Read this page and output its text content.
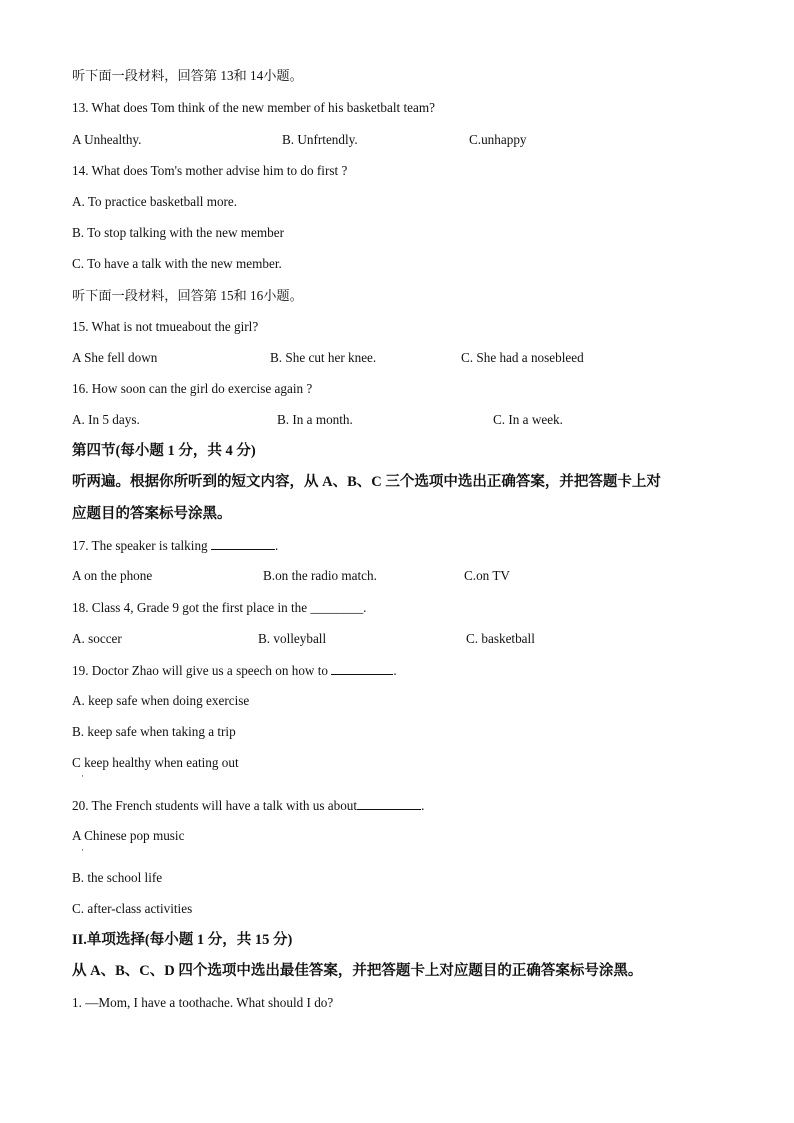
听下面一段材料，回答第 13和 14小题。
13. What does Tom think of the new member of his basketbalt team?
A Unhealthy.	B. Unfrtendly.	C.unhappy
14. What does Tom's mother advise him to do first ?
A. To practice basketball more.
B. To stop talking with the new member
C. To have a talk with the new member.
听下面一段材料，回答第 15和 16小题。
15. What is not tmueabout the girl?
A She fell down	B. She cut her knee.	C. She had a nosebleed
16. How soon can the girl do exercise again ?
A. In 5 days.	B. In a month.	C. In a week.
第四节(每小题 1 分，共 4 分)
听两遍。根据你所听到的短文内容，从 A、B、C 三个选项中选出正确答案，并把答题卡上对
应题目的答案标号涂黑。
17. The speaker is talking	.
A on the phone	B.on the radio match.	C.on TV
18. Class 4, Grade 9 got the first place in the ________.
A. soccer	B. volleyball	C. basketball
19. Doctor Zhao will give us a speech on how to	.
A. keep safe when doing exercise
B. keep safe when taking a trip
C keep healthy when eating out
·
20. The French students will have a talk with us about	.
A Chinese pop music
·
B. the school life
C. after-class activities
II.单项选择(每小题 1 分，共 15 分)
从 A、B、C、D 四个选项中选出最佳答案，并把答题卡上对应题目的正确答案标号涂黑。
1. —Mom, I have a toothache. What should I do?
